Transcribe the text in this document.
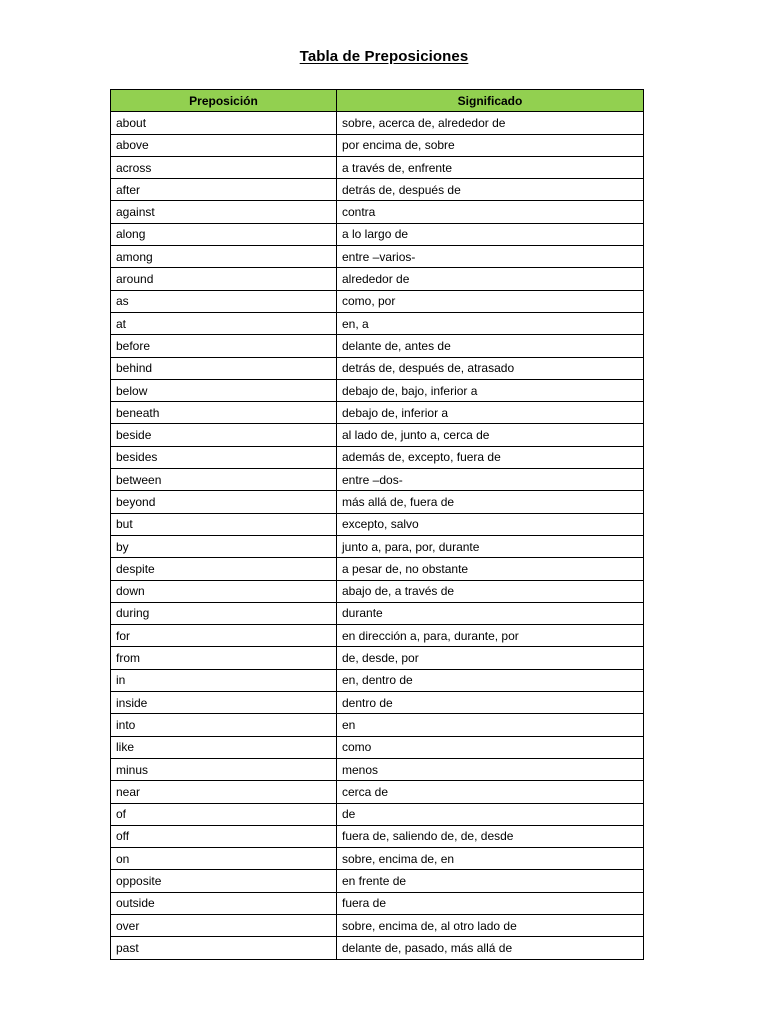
Tabla de Preposiciones
Preposición	Significado
about	sobre, acerca de, alrededor de
above	por encima de, sobre
across	a través de, enfrente
after	detrás de, después de
against	contra
along	a lo largo de
among	entre –varios-
around	alrededor de
as	como, por
at	en, a
before	delante de, antes de
behind	detrás de, después de, atrasado
below	debajo de, bajo, inferior a
beneath	debajo de, inferior a
beside	al lado de, junto a, cerca de
besides	además de, excepto, fuera de
between	entre –dos-
beyond	más allá de, fuera de
but	excepto, salvo
by	junto a, para, por, durante
despite	a pesar de, no obstante
down	abajo de, a través de
during	durante
for	en dirección a, para, durante, por
from	de, desde, por
in	en, dentro de
inside	dentro de
into	en
like	como
minus	menos
near	cerca de
of	de
off	fuera de, saliendo de, de, desde
on	sobre, encima de, en
opposite	en frente de
outside	fuera de
over	sobre, encima de, al otro lado de
past	delante de, pasado, más allá de
